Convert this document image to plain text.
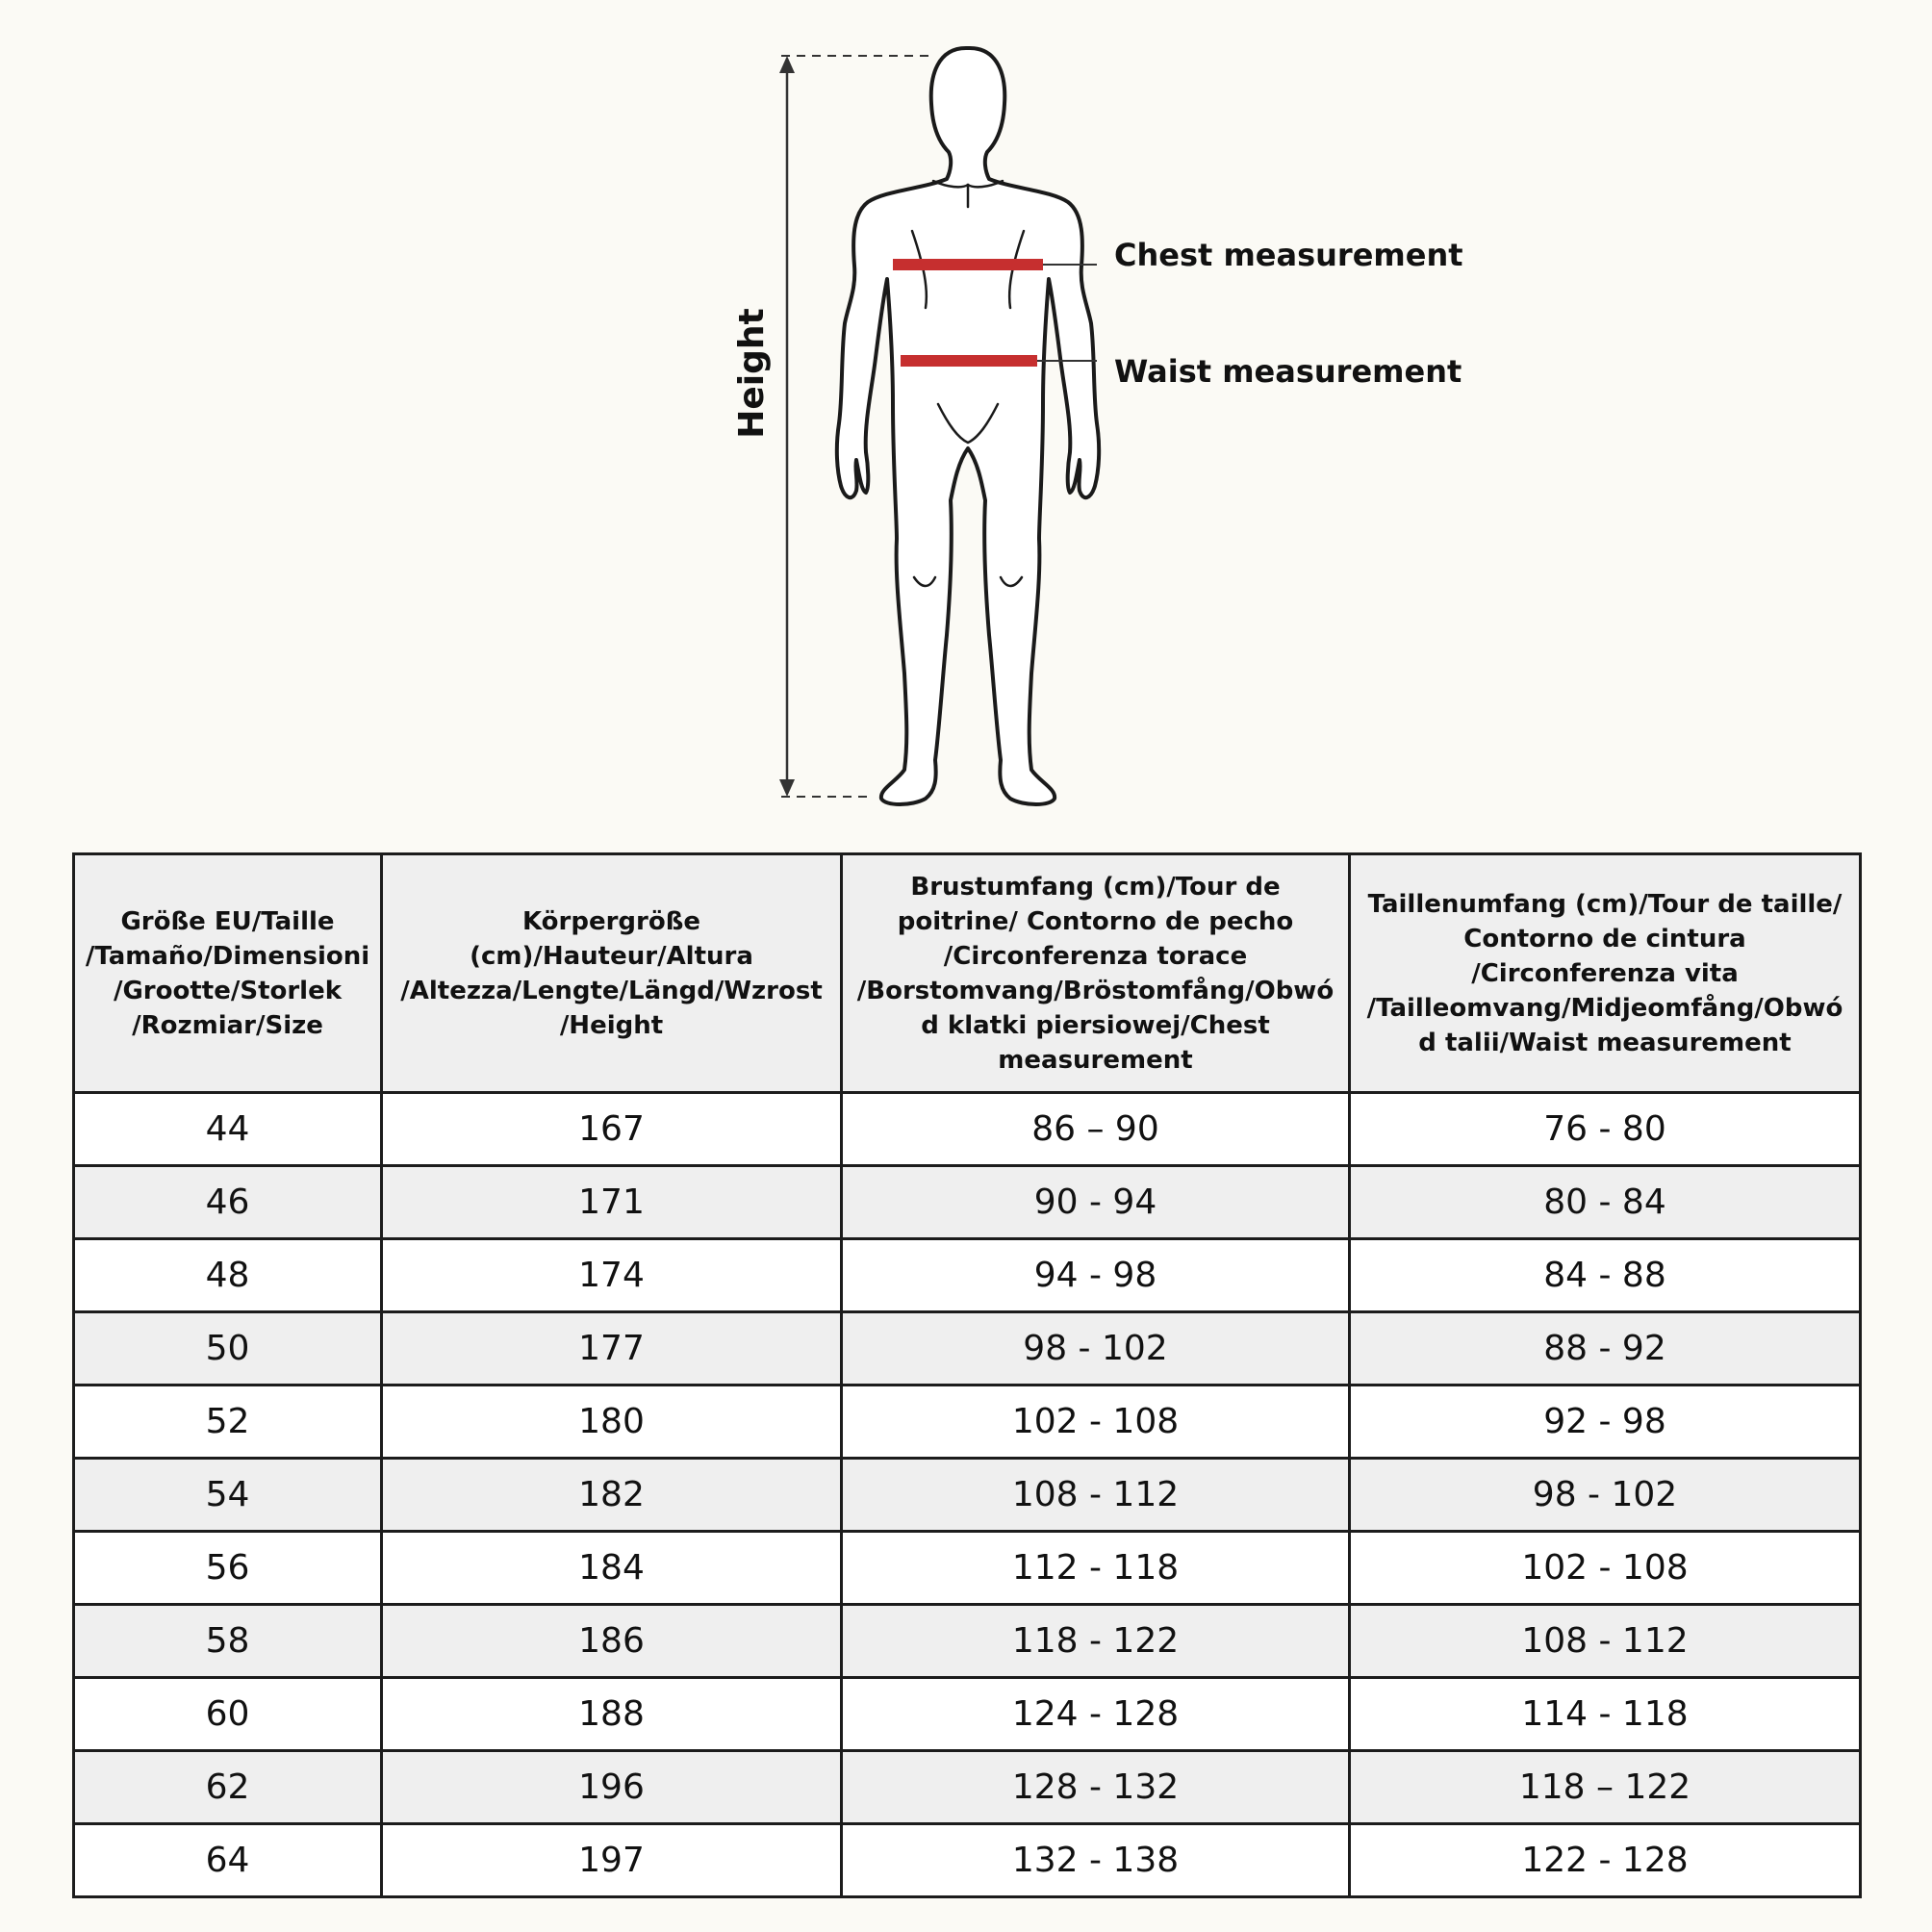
Height
Chest measurement
Waist measurement
Größe EU/Taille /Tamaño/Dimensioni /Grootte/Storlek /Rozmiar/Size	Körpergröße (cm)/Hauteur/Altura /Altezza/Lengte/Längd/Wzrost /Height	Brustumfang (cm)/Tour de poitrine/ Contorno de pecho /Circonferenza torace /Borstomvang/Bröstomfång/Obwód klatki piersiowej/Chest measurement	Taillenumfang (cm)/Tour de taille/ Contorno de cintura /Circonferenza vita /Tailleomvang/Midjeomfång/Obwód talii/Waist measurement
44	167	86 – 90	76 - 80
46	171	90 - 94	80 - 84
48	174	94 - 98	84 - 88
50	177	98 - 102	88 - 92
52	180	102 - 108	92 - 98
54	182	108 - 112	98 - 102
56	184	112 - 118	102 - 108
58	186	118 - 122	108 - 112
60	188	124 - 128	114 - 118
62	196	128 - 132	118 – 122
64	197	132 - 138	122 - 128
